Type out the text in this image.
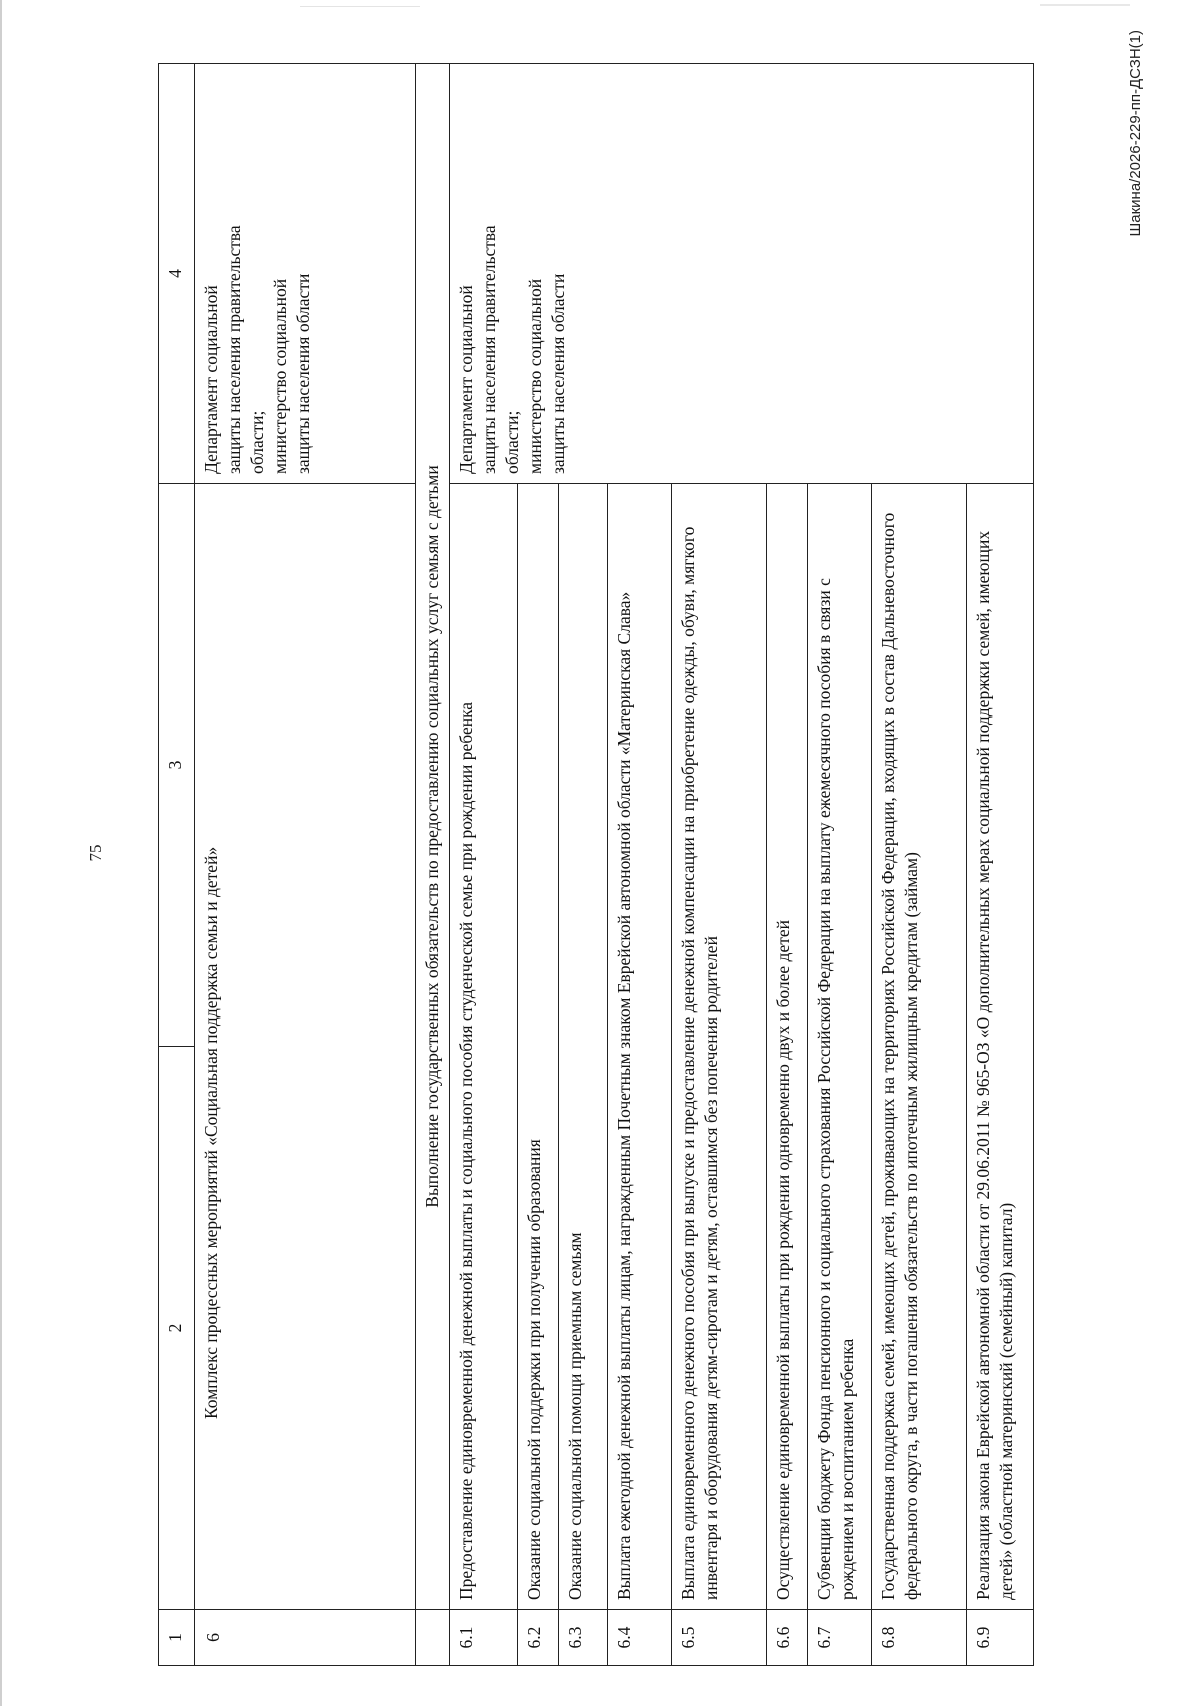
75
1	2	3	4
6	Комплекс процессных мероприятий «Социальная поддержка семьи и детей»		Департамент социальной защиты населения правительства области; министерство социальной защиты населения области

	Выполнение государственных обязательств по предоставлению социальных услуг семьям с детьми		
6.1	Предоставление единовременной денежной выплаты и социального пособия студенческой семье при рождении ребенка		Департамент социальной защиты населения правительства области; министерство социальной защиты населения области

6.2	Оказание социальной поддержки при получении образования		
6.3	Оказание социальной помощи приемным семьям		
6.4	Выплата ежегодной денежной выплаты лицам, награжденным Почетным знаком Еврейской автономной области «Материнская Слава»		
6.5	Выплата единовременного денежного пособия при выпуске и предоставление денежной компенсации на приобретение одежды, обуви, мягкого инвентаря и оборудования детям-сиротам и детям, оставшимся без попечения родителей		
6.6	Осуществление единовременной выплаты при рождении одновременно двух и более детей		
6.7	Субвенции бюджету Фонда пенсионного и социального страхования Российской Федерации на выплату ежемесячного пособия в связи с рождением и воспитанием ребенка		
6.8	Государственная поддержка семей, имеющих детей, проживающих на территориях Российской Федерации, входящих в состав Дальневосточного федерального округа, в части погашения обязательств по ипотечным жилищным кредитам (займам)		
6.9	Реализация закона Еврейской автономной области от 29.06.2011 № 965-ОЗ «О дополнительных мерах социальной поддержки семей, имеющих детей» (областной материнский (семейный) капитал)		
Шакина/2026-229-пп-ДСЗН(1)
